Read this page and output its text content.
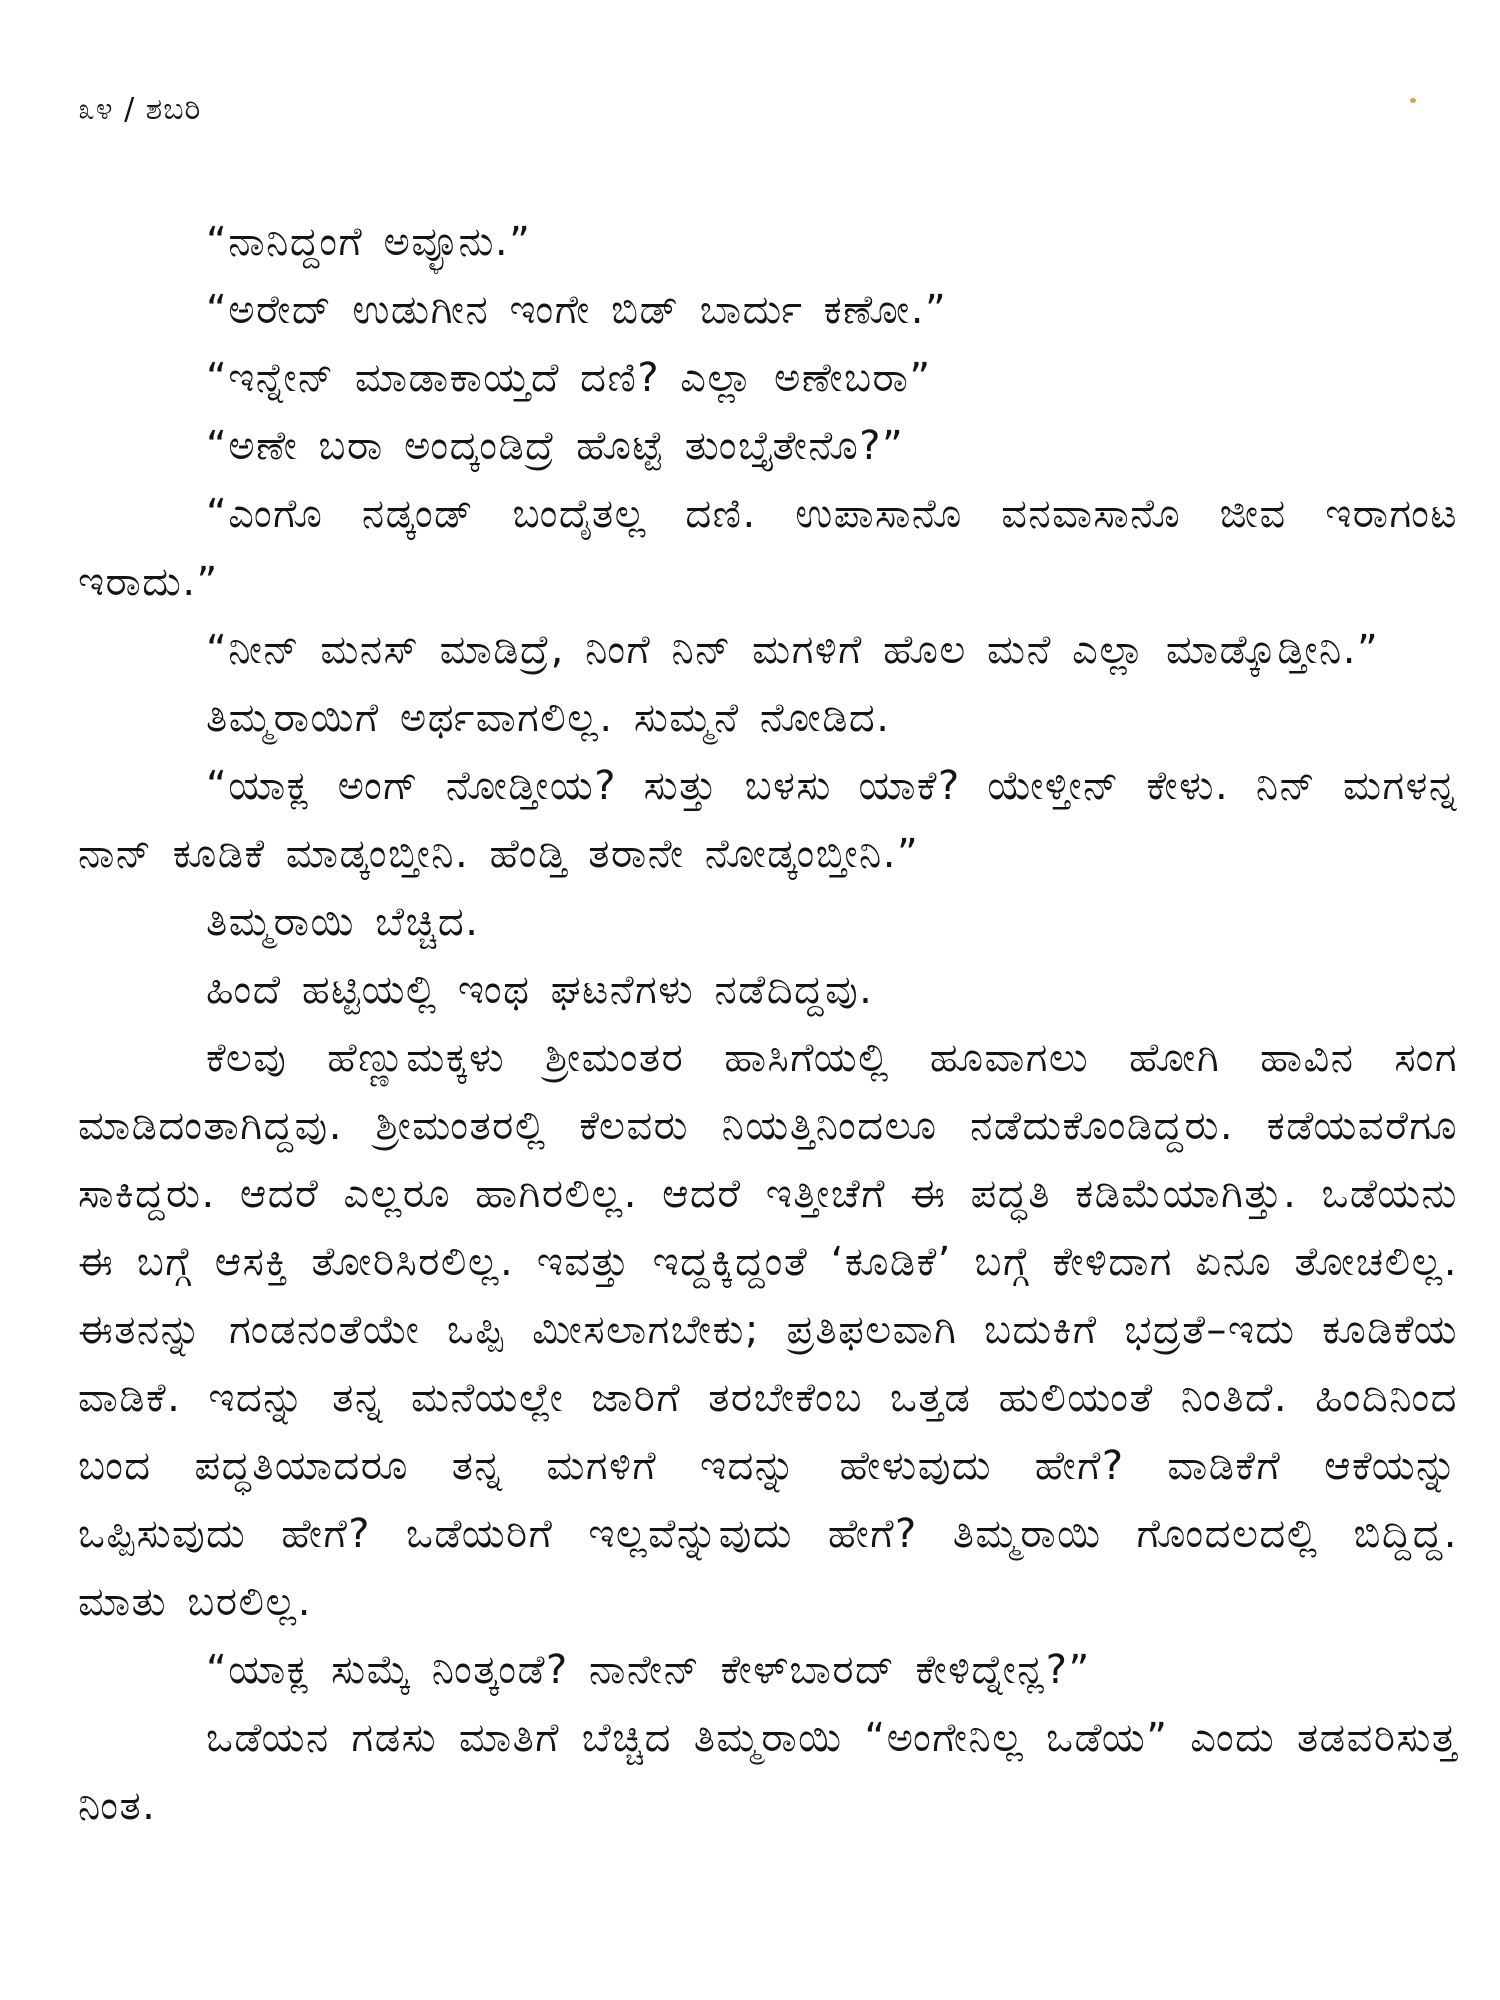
೩೪ / ಶಬರಿ

“ನಾನಿದ್ದಂಗೆ ಅವ್ಳೂನು.”

“ಅರೇದ್ ಉಡುಗೀನ ಇಂಗೇ ಬಿಡ್ ಬಾರ್ದು ಕಣೋ.”

“ಇನ್ನೇನ್ ಮಾಡಾಕಾಯ್ತದೆ ದಣಿ? ಎಲ್ಲಾ ಅಣೇಬರಾ”

“ಅಣೇ ಬರಾ ಅಂದ್ಕಂಡಿದ್ರೆ ಹೊಟ್ಟೆ ತುಂಬ್ತೈತೇನೊ?”

“ಎಂಗೊ ನಡ್ಕಂಡ್ ಬಂದೈತಲ್ಲ ದಣಿ. ಉಪಾಸಾನೊ ವನವಾಸಾನೊ ಜೀವ ಇರಾಗಂಟ ಇರಾದು.”

“ನೀನ್ ಮನಸ್ ಮಾಡಿದ್ರೆ, ನಿಂಗೆ ನಿನ್ ಮಗಳಿಗೆ ಹೊಲ ಮನೆ ಎಲ್ಲಾ ಮಾಡ್ಕೊಡ್ತೀನಿ.”

ತಿಮ್ಮರಾಯಿಗೆ ಅರ್ಥವಾಗಲಿಲ್ಲ. ಸುಮ್ಮನೆ ನೋಡಿದ.

“ಯಾಕ್ಲ ಅಂಗ್ ನೋಡ್ತೀಯ? ಸುತ್ತು ಬಳಸು ಯಾಕೆ? ಯೇಳ್ತೀನ್ ಕೇಳು. ನಿನ್ ಮಗಳನ್ನ ನಾನ್ ಕೂಡಿಕೆ ಮಾಡ್ಕಂಬ್ತೀನಿ. ಹೆಂಡ್ತಿ ತರಾನೇ ನೋಡ್ಕಂಬ್ತೀನಿ.”

ತಿಮ್ಮರಾಯಿ ಬೆಚ್ಚಿದ.

ಹಿಂದೆ ಹಟ್ಟಿಯಲ್ಲಿ ಇಂಥ ಘಟನೆಗಳು ನಡೆದಿದ್ದವು.

ಕೆಲವು ಹೆಣ್ಣುಮಕ್ಕಳು ಶ್ರೀಮಂತರ ಹಾಸಿಗೆಯಲ್ಲಿ ಹೂವಾಗಲು ಹೋಗಿ ಹಾವಿನ ಸಂಗ ಮಾಡಿದಂತಾಗಿದ್ದವು. ಶ್ರೀಮಂತರಲ್ಲಿ ಕೆಲವರು ನಿಯತ್ತಿನಿಂದಲೂ ನಡೆದುಕೊಂಡಿದ್ದರು. ಕಡೆಯವರೆಗೂ ಸಾಕಿದ್ದರು. ಆದರೆ ಎಲ್ಲರೂ ಹಾಗಿರಲಿಲ್ಲ. ಆದರೆ ಇತ್ತೀಚೆಗೆ ಈ ಪದ್ಧತಿ ಕಡಿಮೆಯಾಗಿತ್ತು. ಒಡೆಯನು ಈ ಬಗ್ಗೆ ಆಸಕ್ತಿ ತೋರಿಸಿರಲಿಲ್ಲ. ಇವತ್ತು ಇದ್ದಕ್ಕಿದ್ದಂತೆ ‘ಕೂಡಿಕೆ’ ಬಗ್ಗೆ ಕೇಳಿದಾಗ ಏನೂ ತೋಚಲಿಲ್ಲ. ಈತನನ್ನು ಗಂಡನಂತೆಯೇ ಒಪ್ಪಿ ಮೀಸಲಾಗಬೇಕು; ಪ್ರತಿಫಲವಾಗಿ ಬದುಕಿಗೆ ಭದ್ರತೆ–ಇದು ಕೂಡಿಕೆಯ ವಾಡಿಕೆ. ಇದನ್ನು ತನ್ನ ಮನೆಯಲ್ಲೇ ಜಾರಿಗೆ ತರಬೇಕೆಂಬ ಒತ್ತಡ ಹುಲಿಯಂತೆ ನಿಂತಿದೆ. ಹಿಂದಿನಿಂದ ಬಂದ ಪದ್ಧತಿಯಾದರೂ ತನ್ನ ಮಗಳಿಗೆ ಇದನ್ನು ಹೇಳುವುದು ಹೇಗೆ? ವಾಡಿಕೆಗೆ ಆಕೆಯನ್ನು ಒಪ್ಪಿಸುವುದು ಹೇಗೆ? ಒಡೆಯರಿಗೆ ಇಲ್ಲವೆನ್ನುವುದು ಹೇಗೆ? ತಿಮ್ಮರಾಯಿ ಗೊಂದಲದಲ್ಲಿ ಬಿದ್ದಿದ್ದ. ಮಾತು ಬರಲಿಲ್ಲ.

“ಯಾಕ್ಲ ಸುಮ್ಕೆ ನಿಂತ್ಕಂಡೆ? ನಾನೇನ್ ಕೇಳ್‌ಬಾರದ್ ಕೇಳಿದ್ನೇನ್ಲ?”

ಒಡೆಯನ ಗಡಸು ಮಾತಿಗೆ ಬೆಚ್ಚಿದ ತಿಮ್ಮರಾಯಿ “ಅಂಗೇನಿಲ್ಲ ಒಡೆಯ” ಎಂದು ತಡವರಿಸುತ್ತ ನಿಂತ.
